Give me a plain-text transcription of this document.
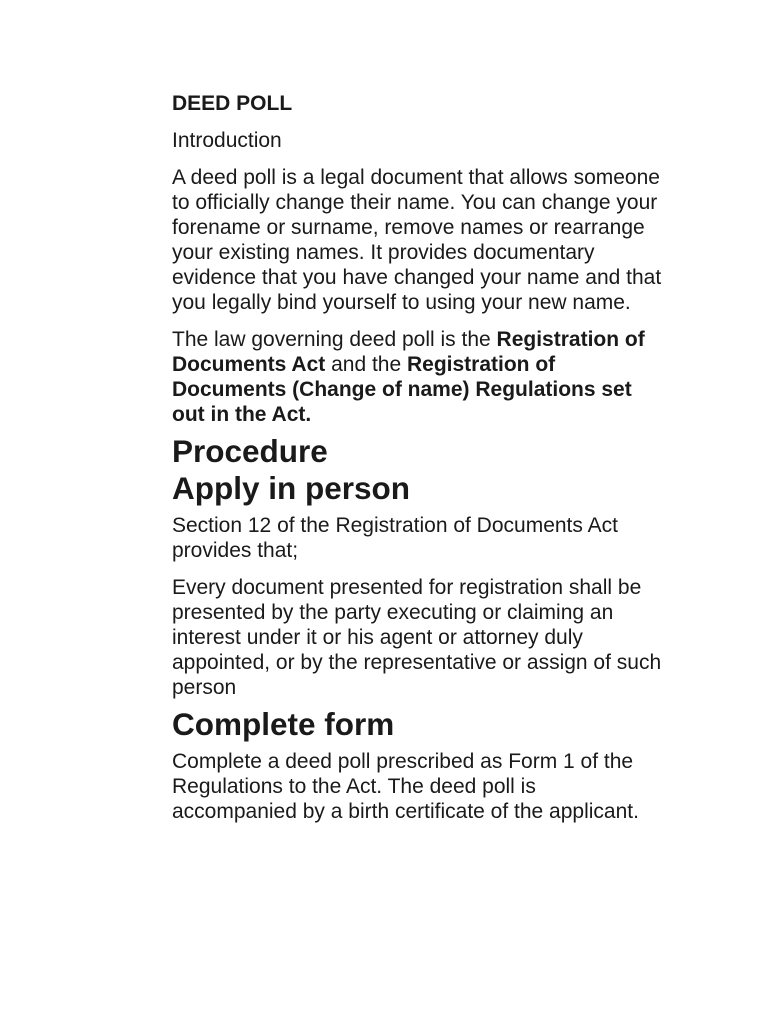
DEED POLL

Introduction

A deed poll is a legal document that allows someone to officially change their name. You can change your forename or surname, remove names or rearrange your existing names. It provides documentary evidence that you have changed your name and that you legally bind yourself to using your new name.

The law governing deed poll is the Registration of Documents Act and the Registration of Documents (Change of name) Regulations set out in the Act.

Procedure
Apply in person

Section 12 of the Registration of Documents Act provides that;

Every document presented for registration shall be presented by the party executing or claiming an interest under it or his agent or attorney duly appointed, or by the representative or assign of such person

Complete form

Complete a deed poll prescribed as Form 1 of the Regulations to the Act. The deed poll is accompanied by a birth certificate of the applicant.
